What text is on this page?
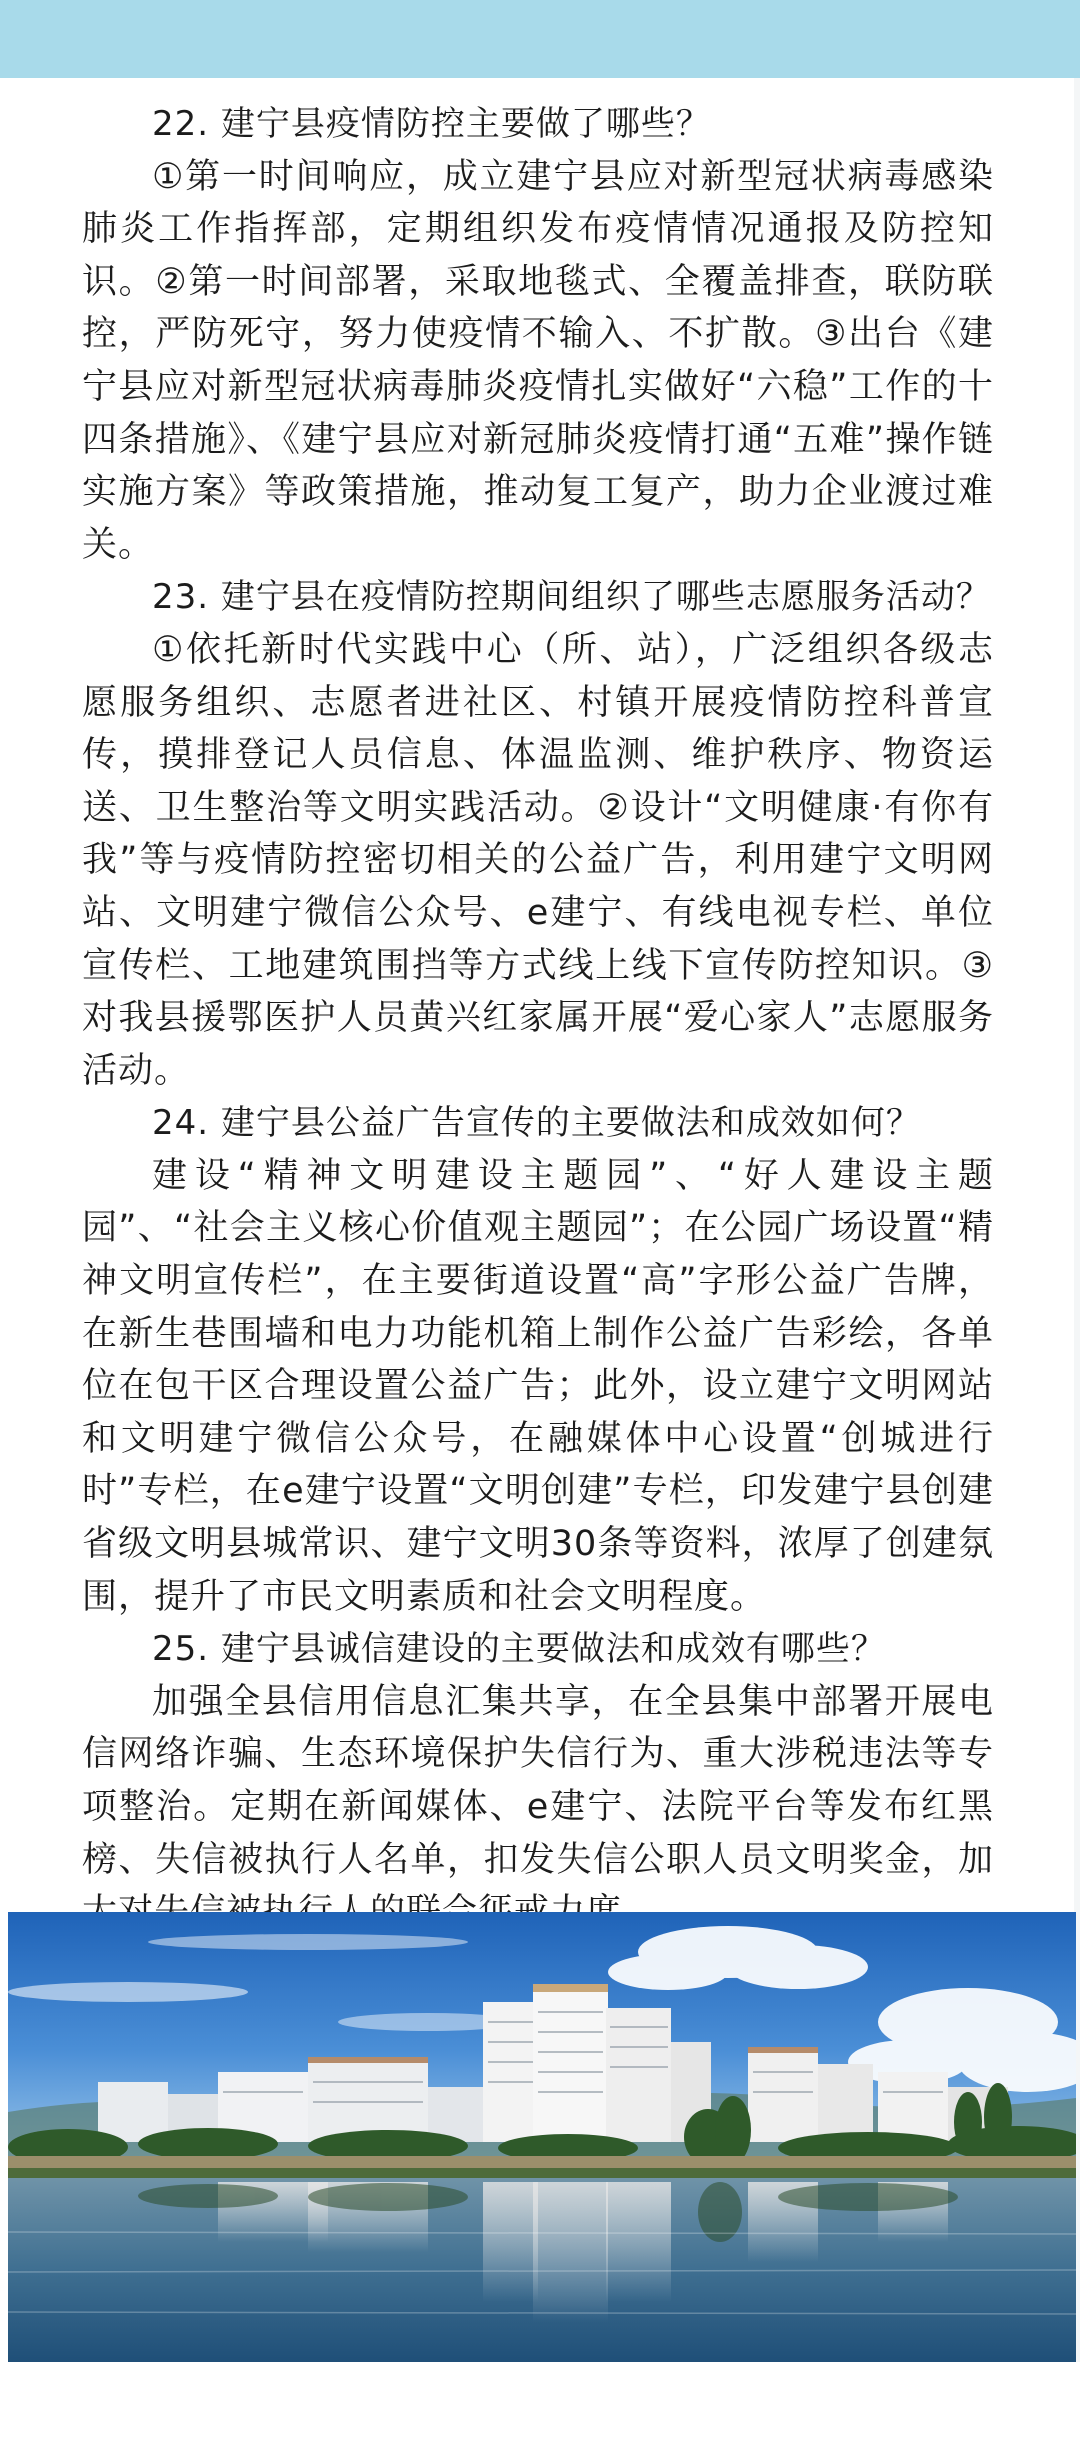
22. 建宁县疫情防控主要做了哪些？

①第一时间响应，成立建宁县应对新型冠状病毒感染肺炎工作指挥部，定期组织发布疫情情况通报及防控知识。②第一时间部署，采取地毯式、全覆盖排查，联防联控，严防死守，努力使疫情不输入、不扩散。③出台《建宁县应对新型冠状病毒肺炎疫情扎实做好“六稳”工作的十四条措施》、《建宁县应对新冠肺炎疫情打通“五难”操作链实施方案》等政策措施，推动复工复产，助力企业渡过难关。

23. 建宁县在疫情防控期间组织了哪些志愿服务活动？

①依托新时代实践中心（所、站），广泛组织各级志愿服务组织、志愿者进社区、村镇开展疫情防控科普宣传，摸排登记人员信息、体温监测、维护秩序、物资运送、卫生整治等文明实践活动。②设计“文明健康·有你有我”等与疫情防控密切相关的公益广告，利用建宁文明网站、文明建宁微信公众号、e建宁、有线电视专栏、单位宣传栏、工地建筑围挡等方式线上线下宣传防控知识。③对我县援鄂医护人员黄兴红家属开展“爱心家人”志愿服务活动。

24. 建宁县公益广告宣传的主要做法和成效如何？

建设“精神文明建设主题园”、“好人建设主题园”、“社会主义核心价值观主题园”；在公园广场设置“精神文明宣传栏”，在主要街道设置“高”字形公益广告牌，在新生巷围墙和电力功能机箱上制作公益广告彩绘，各单位在包干区合理设置公益广告；此外，设立建宁文明网站和文明建宁微信公众号，在融媒体中心设置“创城进行时”专栏，在e建宁设置“文明创建”专栏，印发建宁县创建省级文明县城常识、建宁文明30条等资料，浓厚了创建氛围，提升了市民文明素质和社会文明程度。

25. 建宁县诚信建设的主要做法和成效有哪些？

加强全县信用信息汇集共享，在全县集中部署开展电信网络诈骗、生态环境保护失信行为、重大涉税违法等专项整治。定期在新闻媒体、e建宁、法院平台等发布红黑榜、失信被执行人名单，扣发失信公职人员文明奖金，加
